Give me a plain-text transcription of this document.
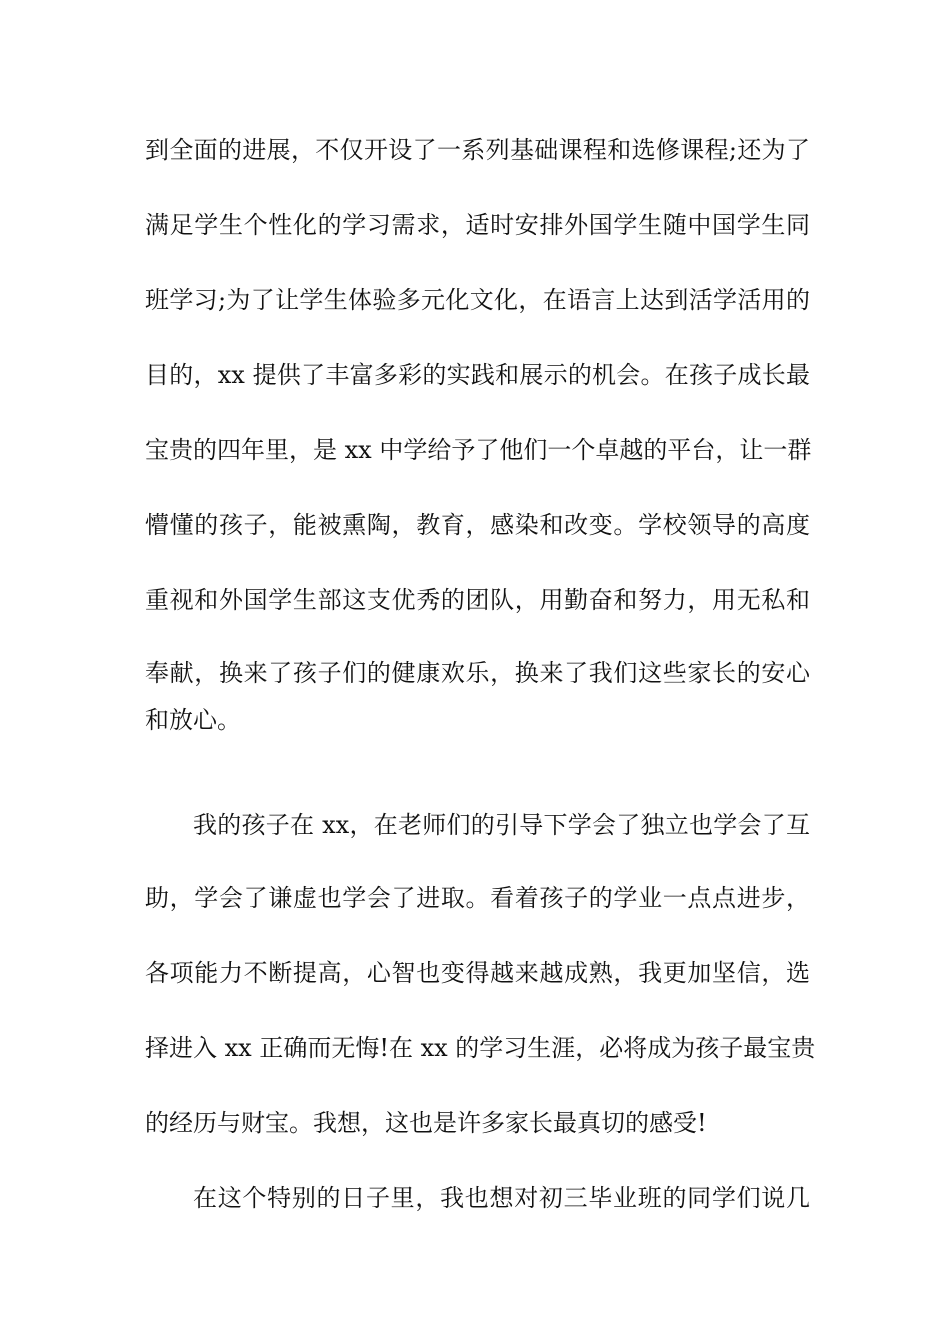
到全面的进展，不仅开设了一系列基础课程和选修课程;还为了
满足学生个性化的学习需求，适时安排外国学生随中国学生同
班学习;为了让学生体验多元化文化，在语言上达到活学活用的
目的，xx 提供了丰富多彩的实践和展示的机会。在孩子成长最
宝贵的四年里，是 xx 中学给予了他们一个卓越的平台，让一群
懵懂的孩子，能被熏陶，教育，感染和改变。学校领导的高度
重视和外国学生部这支优秀的团队，用勤奋和努力，用无私和
奉献，换来了孩子们的健康欢乐，换来了我们这些家长的安心
和放心。
我的孩子在 xx，在老师们的引导下学会了独立也学会了互
助，学会了谦虚也学会了进取。看着孩子的学业一点点进步，
各项能力不断提高，心智也变得越来越成熟，我更加坚信，选
择进入 xx 正确而无悔!在 xx 的学习生涯，必将成为孩子最宝贵
的经历与财宝。我想，这也是许多家长最真切的感受!
在这个特别的日子里，我也想对初三毕业班的同学们说几
